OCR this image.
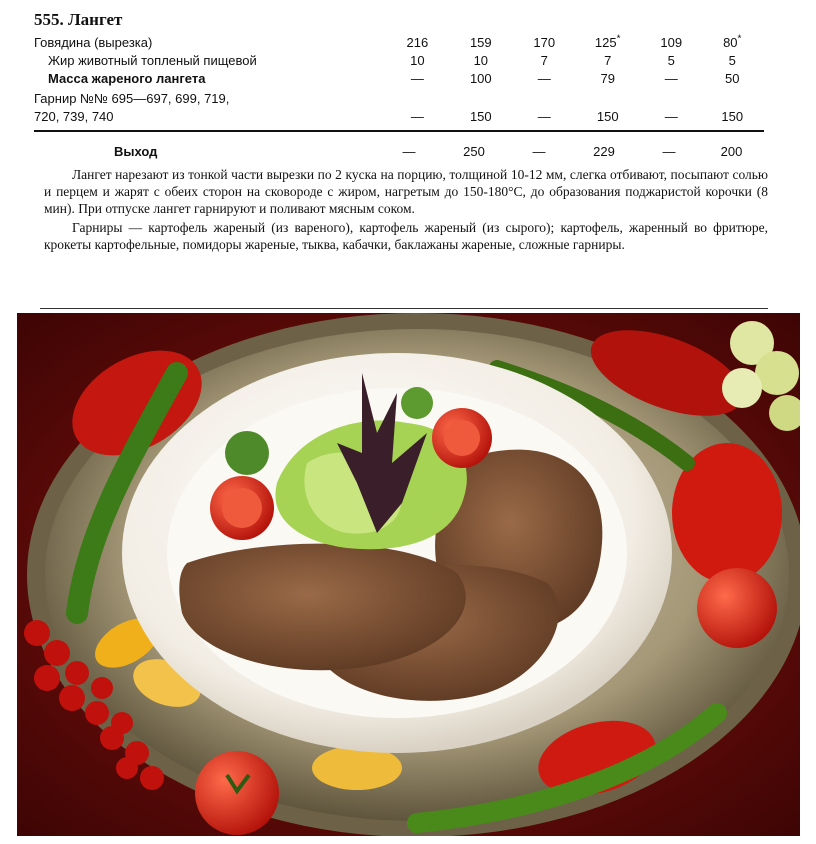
555. Лангет
Говядина (вырезка)	216	159	170	125*	109	80*
Жир животный топленый пищевой	10	10	7	7	5	5
Масса жареного лангета	—	100	—	79	—	50

Гарнир №№ 695—697, 699, 719,
720, 739, 740	—	150	—	150	—	150
Выход	—	250	—	229	—	200

Лангет нарезают из тонкой части вырезки по 2 куска на порцию, толщиной 10-12 мм, слегка отбивают, посыпают солью и перцем и жарят с обеих сторон на сковороде с жиром, нагретым до 150-180°С, до образования поджаристой корочки (8 мин). При отпуске лангет гарнируют и поливают мясным соком.

Гарниры — картофель жареный (из вареного), картофель жареный (из сырого); картофель, жаренный во фритюре, крокеты картофельные, помидоры жареные, тыква, кабачки, баклажаны жареные, сложные гарниры.
